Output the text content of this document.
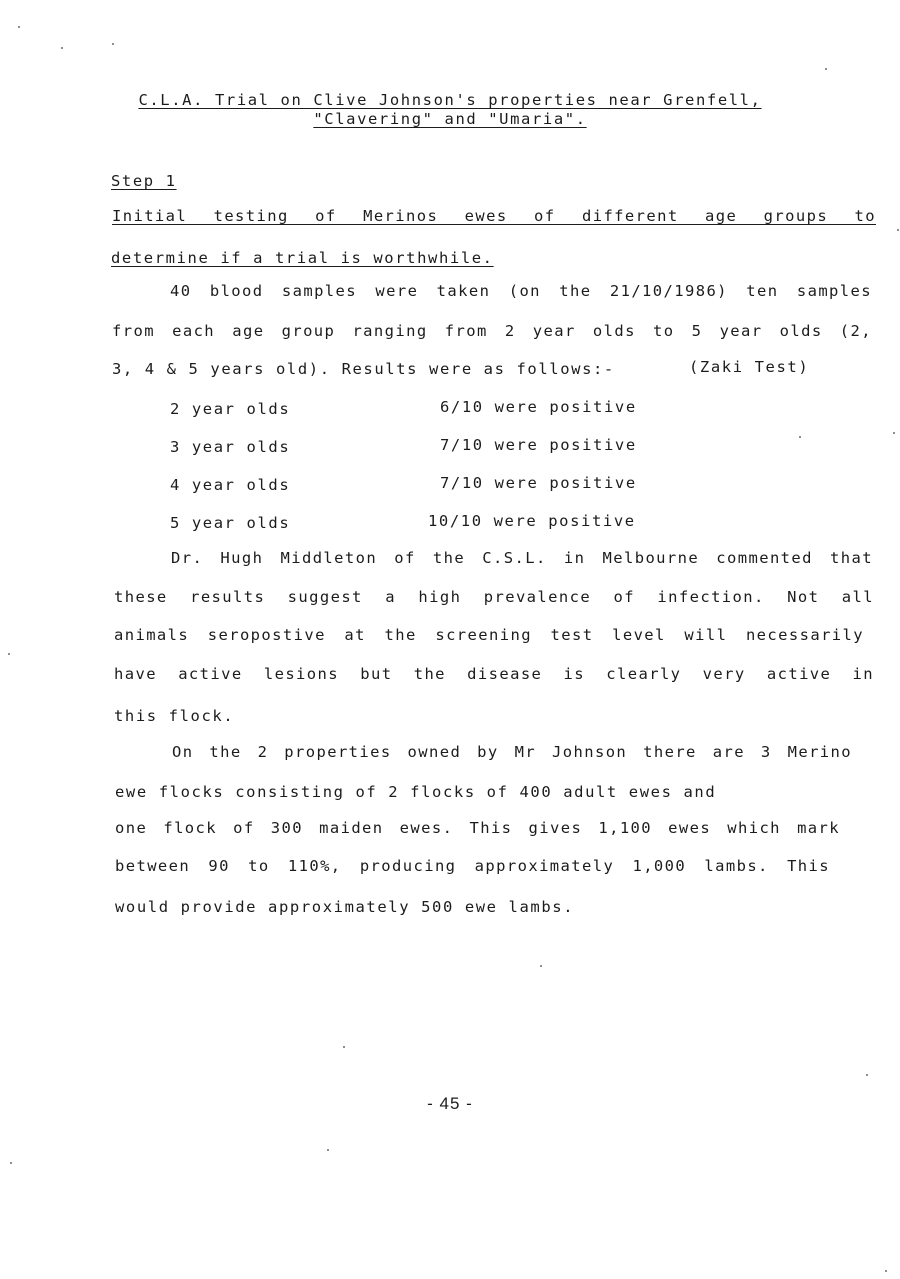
C.L.A. Trial on Clive Johnson's properties near Grenfell,
"Clavering" and "Umaria".
Step 1
Initial testing of Merinos ewes of different age groups to
determine if a trial is worthwhile.
40 blood samples were taken (on the 21/10/1986) ten samples
from each age group ranging from 2 year olds to 5 year olds (2,
3, 4 & 5 years old). Results were as follows:-	(Zaki Test)
2 year olds	6/10 were positive
3 year olds	7/10 were positive
4 year olds	7/10 were positive
5 year olds	10/10 were positive
Dr. Hugh Middleton of the C.S.L. in Melbourne commented that
these results suggest a high prevalence of infection. Not all
animals seropostive at the screening test level will necessarily
have active lesions but the disease is clearly very active in
this flock.
On the 2 properties owned by Mr Johnson there are 3 Merino
ewe flocks consisting of 2 flocks of 400 adult ewes and
one flock of 300 maiden ewes. This gives 1,100 ewes which mark
between 90 to 110%, producing approximately 1,000 lambs. This
would provide approximately 500 ewe lambs.
- 45 -
